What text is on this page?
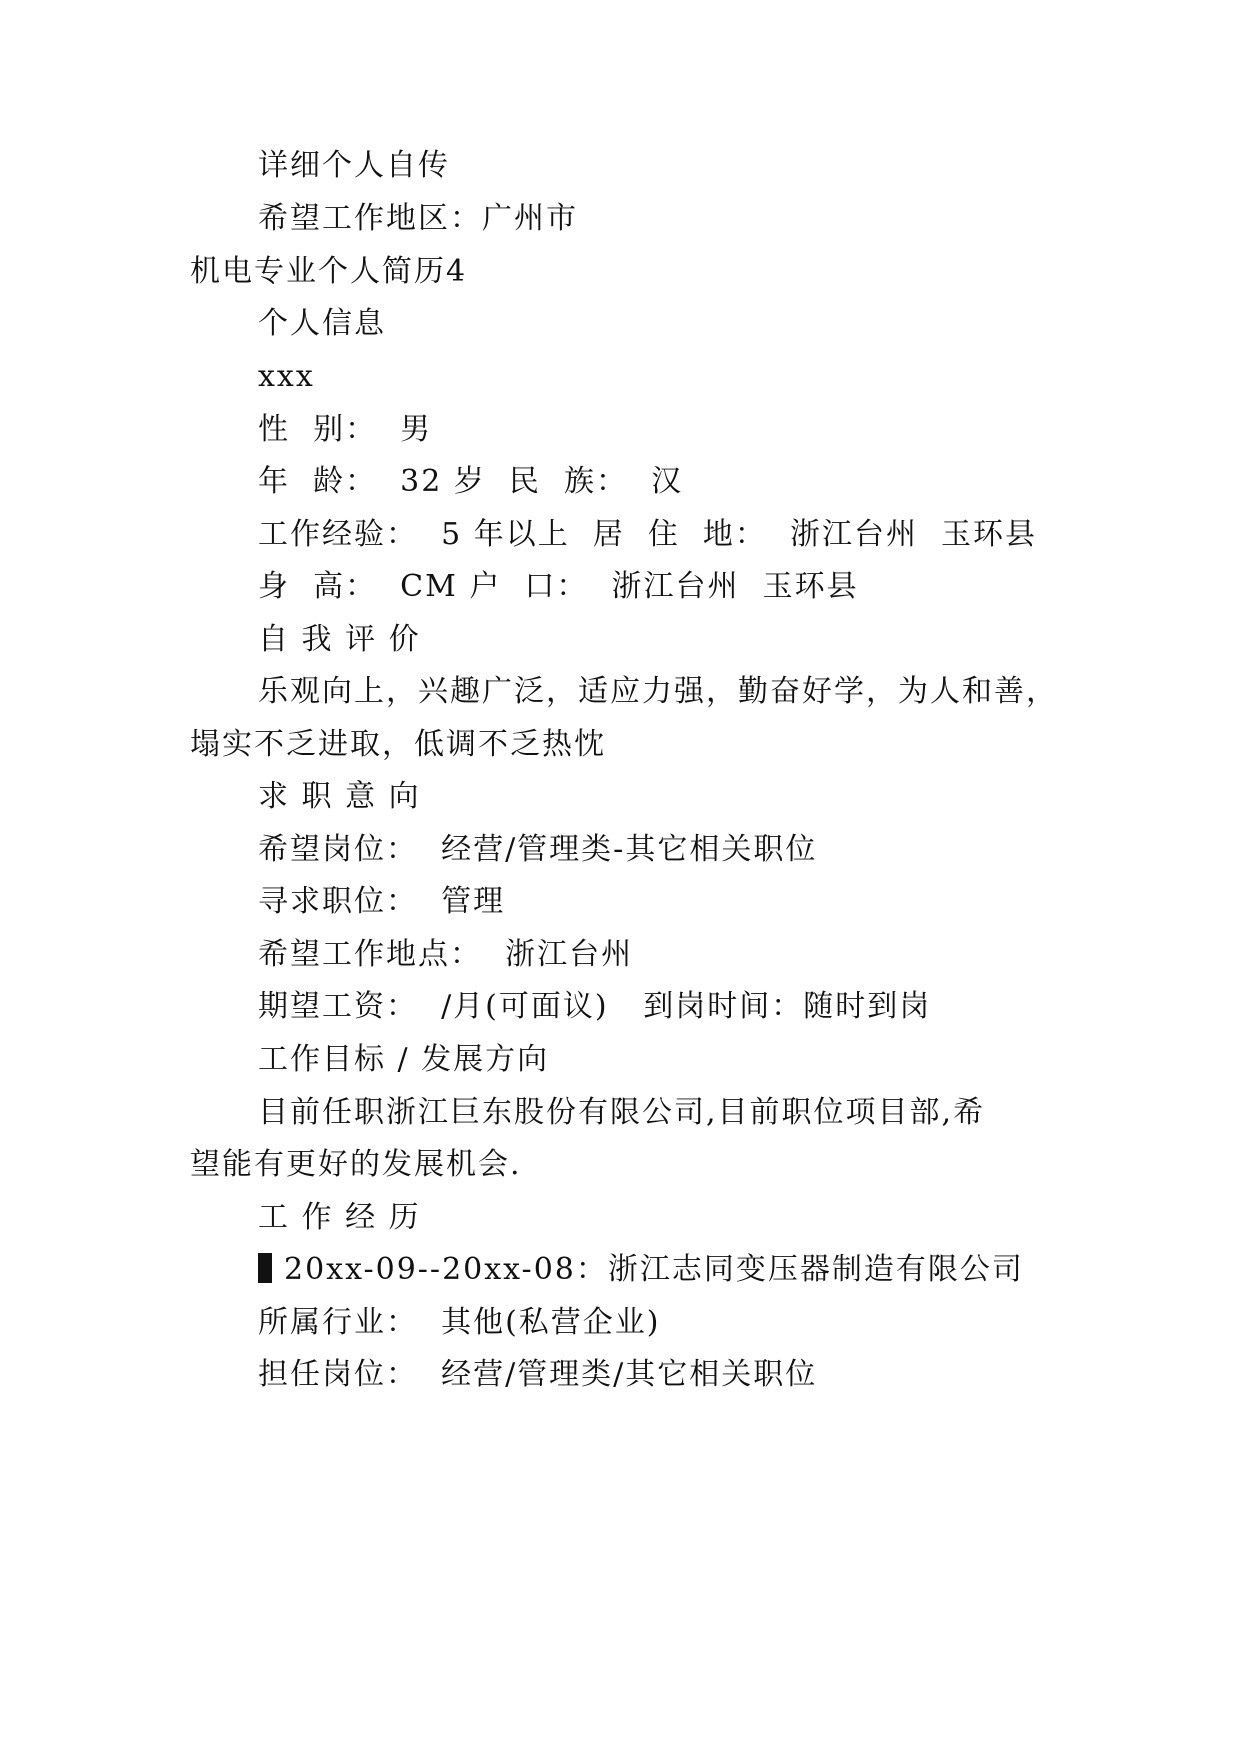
详细个人自传
希望工作地区：广州市
机电专业个人简历4
个人信息
xxx
性  别：  男
年  龄：  32 岁  民  族：  汉
工作经验：  5 年以上  居  住  地：  浙江台州  玉环县
身  高：  CM 户  口：  浙江台州  玉环县
自 我 评 价
乐观向上，兴趣广泛，适应力强，勤奋好学，为人和善，
塌实不乏进取，低调不乏热忱
求 职 意 向
希望岗位：  经营/管理类-其它相关职位
寻求职位：  管理
希望工作地点：  浙江台州
期望工资：  /月(可面议)   到岗时间：随时到岗
工作目标 / 发展方向
目前任职浙江巨东股份有限公司,目前职位项目部,希
望能有更好的发展机会.
工 作 经 历
20xx-09--20xx-08：浙江志同变压器制造有限公司
所属行业：  其他(私营企业)
担任岗位：  经营/管理类/其它相关职位
